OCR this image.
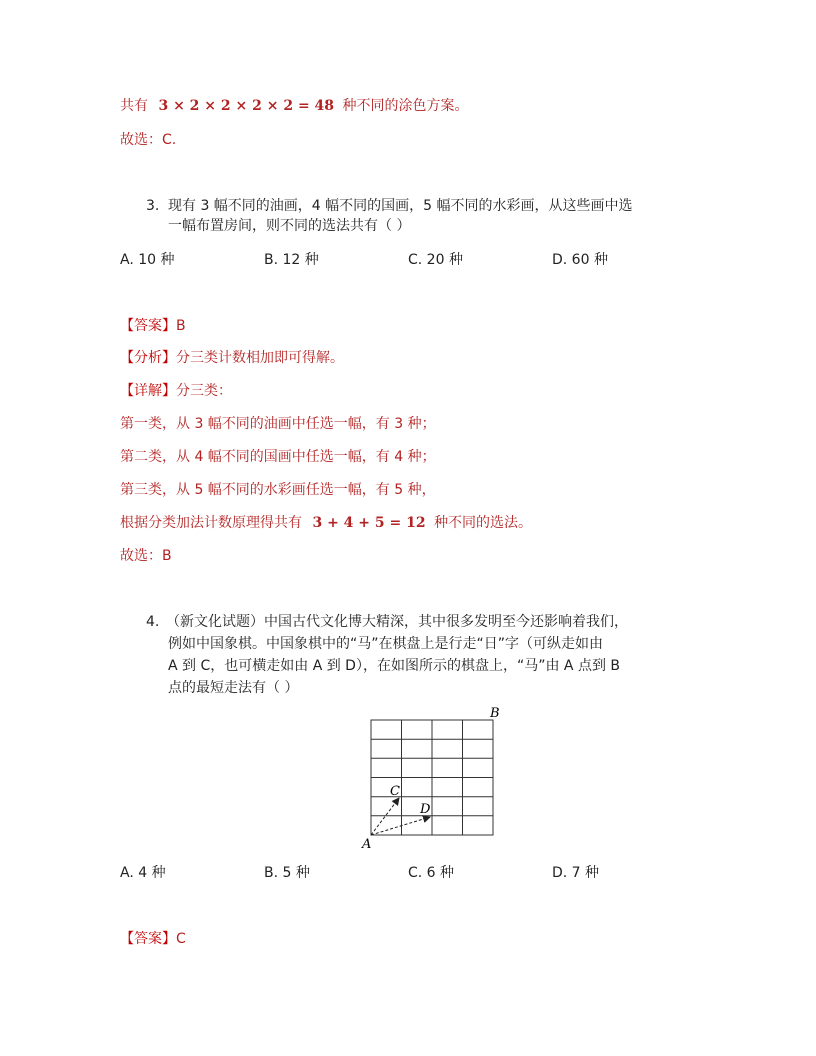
共有 3 × 2 × 2 × 2 × 2 = 48 种不同的涂色方案。
故选：C.
3. 现有 3 幅不同的油画，4 幅不同的国画，5 幅不同的水彩画，从这些画中选
一幅布置房间，则不同的选法共有（ ）
A. 10 种	B. 12 种	C. 20 种	D. 60 种
【答案】B
【分析】分三类计数相加即可得解。
【详解】分三类：
第一类，从 3 幅不同的油画中任选一幅，有 3 种；
第二类，从 4 幅不同的国画中任选一幅，有 4 种；
第三类，从 5 幅不同的水彩画任选一幅，有 5 种，
根据分类加法计数原理得共有 3 + 4 + 5 = 12 种不同的选法。
故选：B
4. （新文化试题）中国古代文化博大精深，其中很多发明至今还影响着我们，
例如中国象棋。中国象棋中的“马”在棋盘上是行走“日”字（可纵走如由
A 到 C，也可横走如由 A 到 D），在如图所示的棋盘上，“马”由 A 点到 B
点的最短走法有（ ）
A
B
C
D
A. 4 种	B. 5 种	C. 6 种	D. 7 种
【答案】C
